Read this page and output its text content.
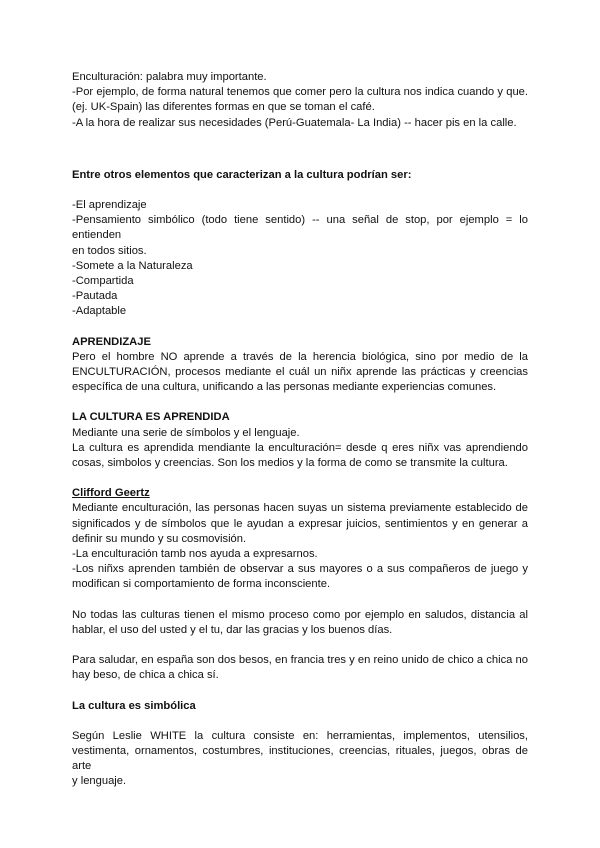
Enculturación: palabra muy importante.
-Por ejemplo, de forma natural tenemos que comer pero la cultura nos indica cuando y que.
(ej. UK-Spain) las diferentes formas en que se toman el café.
-A la hora de realizar sus necesidades (Perú-Guatemala- La India) -- hacer pis en la calle.
Entre otros elementos que caracterizan a la cultura podrían ser:
-El aprendizaje
-Pensamiento simbólico (todo tiene sentido) -- una señal de stop, por ejemplo = lo entienden
en todos sitios.
-Somete a la Naturaleza
-Compartida
-Pautada
-Adaptable
APRENDIZAJE
Pero el hombre NO aprende a través de la herencia biológica, sino por medio de la
ENCULTURACIÓN, procesos mediante el cuál un niñx aprende las prácticas y creencias
específica de una cultura, unificando a las personas mediante experiencias comunes.
LA CULTURA ES APRENDIDA
Mediante una serie de símbolos y el lenguaje.
La cultura es aprendida mendiante la enculturación= desde q eres niñx vas aprendiendo
cosas, simbolos y creencias. Son los medios y la forma de como se transmite la cultura.
Clifford Geertz
Mediante enculturación, las personas hacen suyas un sistema previamente establecido de
significados y de símbolos que le ayudan a expresar juicios, sentimientos y en generar a
definir su mundo y su cosmovisión.
-La enculturación tamb nos ayuda a expresarnos.
-Los niñxs aprenden también de observar a sus mayores o a sus compañeros de juego y
modifican si comportamiento de forma inconsciente.
No todas las culturas tienen el mismo proceso como por ejemplo en saludos, distancia al
hablar, el uso del usted y el tu, dar las gracias y los buenos días.
Para saludar, en españa son dos besos, en francia tres y en reino unido de chico a chica no
hay beso, de chica a chica sí.
La cultura es simbólica
Según Leslie WHITE la cultura consiste en: herramientas, implementos, utensilios,
vestimenta, ornamentos, costumbres, instituciones, creencias, rituales, juegos, obras de arte
y lenguaje.
